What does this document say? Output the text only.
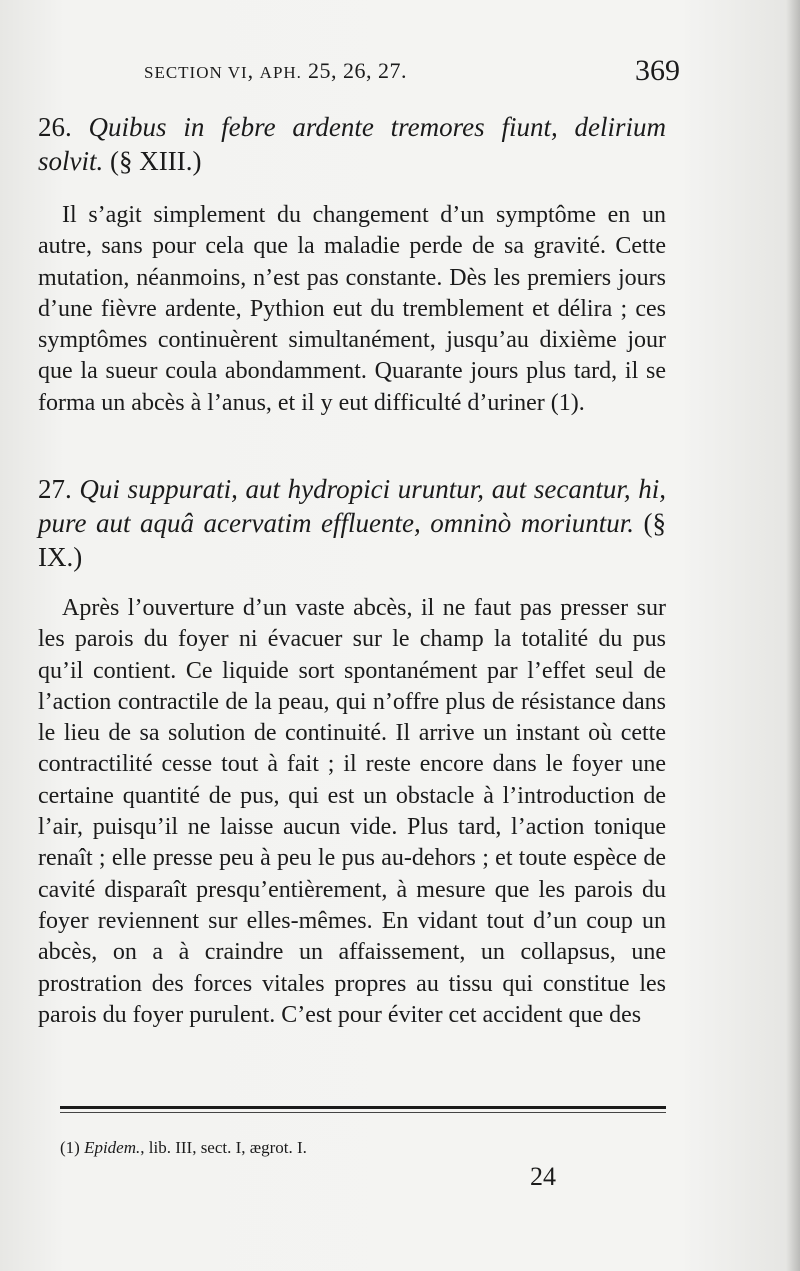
SECTION VI, APH. 25, 26, 27.	369
26. Quibus in febre ardente tremores fiunt, delirium solvit. (§ XIII.)
Il s’agit simplement du changement d’un symptôme en un autre, sans pour cela que la maladie perde de sa gravité. Cette mutation, néanmoins, n’est pas constante. Dès les premiers jours d’une fièvre ardente, Pythion eut du tremblement et délira ; ces symptômes continuèrent simultanément, jusqu’au dixième jour que la sueur coula abondamment. Quarante jours plus tard, il se forma un abcès à l’anus, et il y eut difficulté d’uriner (1).
27. Qui suppurati, aut hydropici uruntur, aut secantur, hi, pure aut aquâ acervatim effluente, omninò moriuntur. (§ IX.)
Après l’ouverture d’un vaste abcès, il ne faut pas presser sur les parois du foyer ni évacuer sur le champ la totalité du pus qu’il contient. Ce liquide sort spontanément par l’effet seul de l’action contractile de la peau, qui n’offre plus de résistance dans le lieu de sa solution de continuité. Il arrive un instant où cette contractilité cesse tout à fait ; il reste encore dans le foyer une certaine quantité de pus, qui est un obstacle à l’introduction de l’air, puisqu’il ne laisse aucun vide. Plus tard, l’action tonique renaît ; elle presse peu à peu le pus au-dehors ; et toute espèce de cavité disparaît presqu’entièrement, à mesure que les parois du foyer reviennent sur elles-mêmes. En vidant tout d’un coup un abcès, on a à craindre un affaissement, un collapsus, une prostration des forces vitales propres au tissu qui constitue les parois du foyer purulent. C’est pour éviter cet accident que des
(1) Epidem., lib. III, sect. I, ægrot. I.
24
